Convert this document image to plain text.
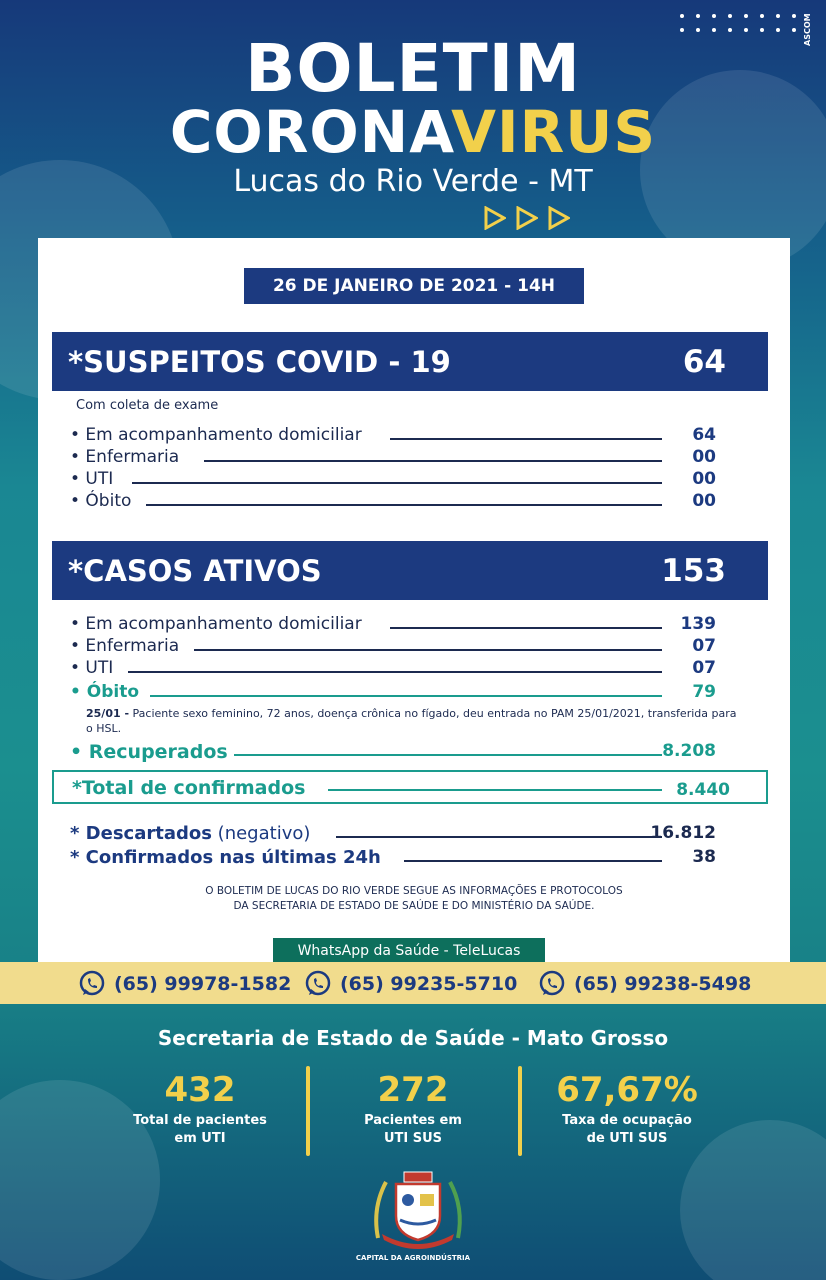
ASCOM
BOLETIM
CORONAVIRUS
Lucas do Rio Verde - MT
26 DE JANEIRO DE 2021 - 14H
*SUSPEITOS COVID - 19	64
Com coleta de exame
• Em acompanhamento domiciliar	64
• Enfermaria	00
• UTI	00
• Óbito	00
*CASOS ATIVOS	153
• Em acompanhamento domiciliar	139
• Enfermaria	07
• UTI	07
• Óbito	79
25/01 - Paciente sexo feminino, 72 anos, doença crônica no fígado, deu entrada no PAM 25/01/2021, transferida para o HSL.
• Recuperados	8.208
*Total de confirmados	8.440
* Descartados (negativo)	16.812
* Confirmados nas últimas 24h	38
O BOLETIM DE LUCAS DO RIO VERDE SEGUE AS INFORMAÇÕES E PROTOCOLOS
DA SECRETARIA DE ESTADO DE SAÚDE E DO MINISTÉRIO DA SAÚDE.
WhatsApp da Saúde - TeleLucas
(65) 99978-1582	(65) 99235-5710	(65) 99238-5498
Secretaria de Estado de Saúde - Mato Grosso
432
Total de pacientes
em UTI
272
Pacientes em
UTI SUS
67,67%
Taxa de ocupação
de UTI SUS
CAPITAL DA AGROINDÚSTRIA
